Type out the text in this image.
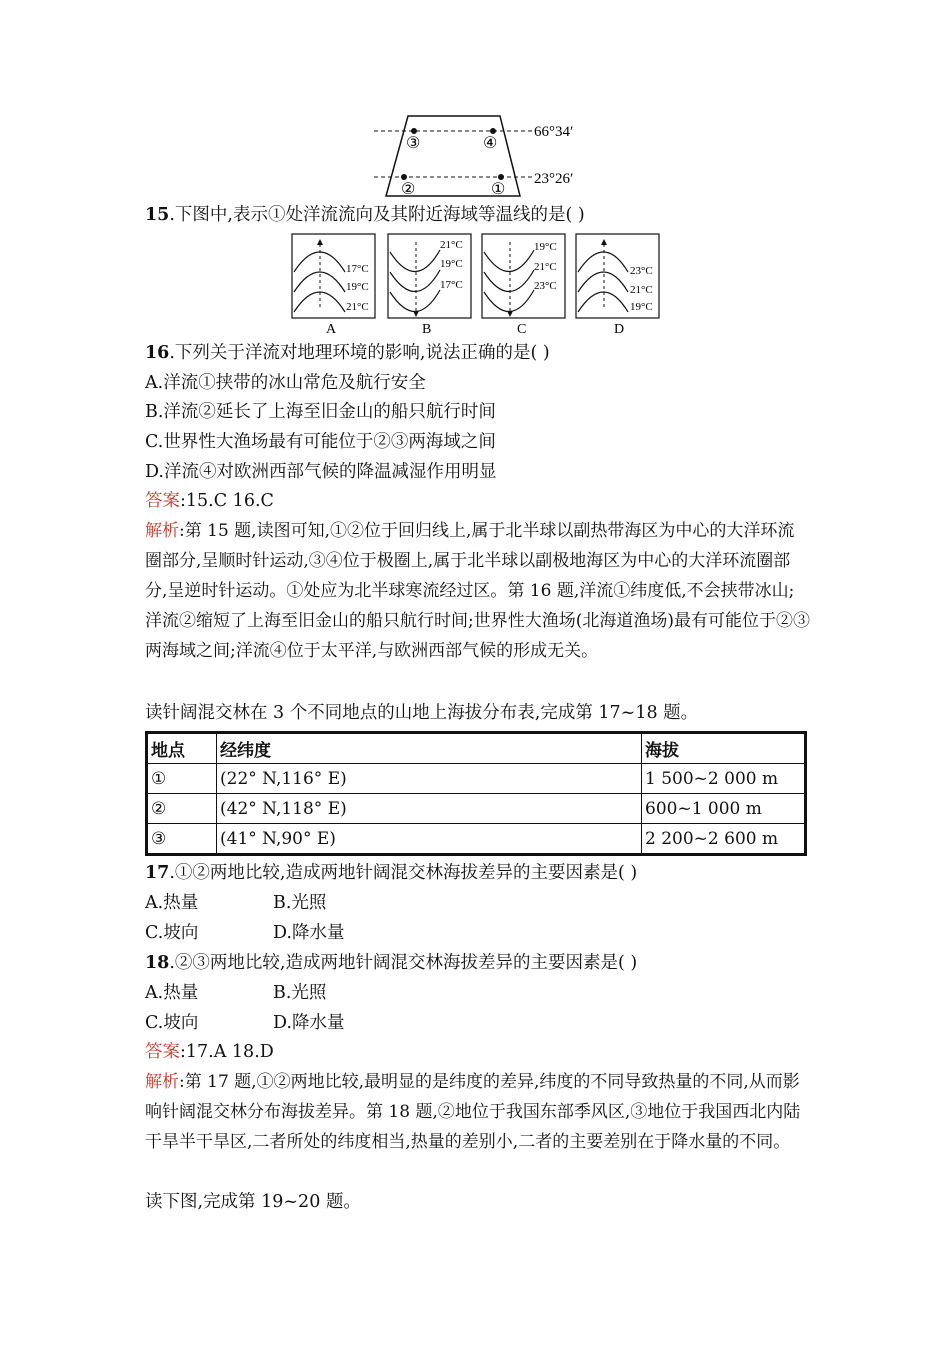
③	④
②	①
66°34′
23°26′
15.下图中,表示①处洋流流向及其附近海域等温线的是( )
17°C
19°C
21°C
A
21°C
19°C
17°C
B
19°C
21°C
23°C
C
23°C
21°C
19°C
D
16.下列关于洋流对地理环境的影响,说法正确的是( )
A.洋流①挟带的冰山常危及航行安全
B.洋流②延长了上海至旧金山的船只航行时间
C.世界性大渔场最有可能位于②③两海域之间
D.洋流④对欧洲西部气候的降温减湿作用明显
答案:15.C 16.C
解析:第 15 题,读图可知,①②位于回归线上,属于北半球以副热带海区为中心的大洋环流圈部分,呈顺时针运动,③④位于极圈上,属于北半球以副极地海区为中心的大洋环流圈部分,呈逆时针运动。①处应为北半球寒流经过区。第 16 题,洋流①纬度低,不会挟带冰山;洋流②缩短了上海至旧金山的船只航行时间;世界性大渔场(北海道渔场)最有可能位于②③两海域之间;洋流④位于太平洋,与欧洲西部气候的形成无关。
读针阔混交林在 3 个不同地点的山地上海拔分布表,完成第 17~18 题。
地点	经纬度	海拔
①	(22° N,116° E)	1 500~2 000 m
②	(42° N,118° E)	600~1 000 m
③	(41° N,90° E)	2 200~2 600 m
17.①②两地比较,造成两地针阔混交林海拔差异的主要因素是( )
A.热量	B.光照
C.坡向	D.降水量
18.②③两地比较,造成两地针阔混交林海拔差异的主要因素是( )
A.热量	B.光照
C.坡向	D.降水量
答案:17.A 18.D
解析:第 17 题,①②两地比较,最明显的是纬度的差异,纬度的不同导致热量的不同,从而影响针阔混交林分布海拔差异。第 18 题,②地位于我国东部季风区,③地位于我国西北内陆干旱半干旱区,二者所处的纬度相当,热量的差别小,二者的主要差别在于降水量的不同。
读下图,完成第 19~20 题。
